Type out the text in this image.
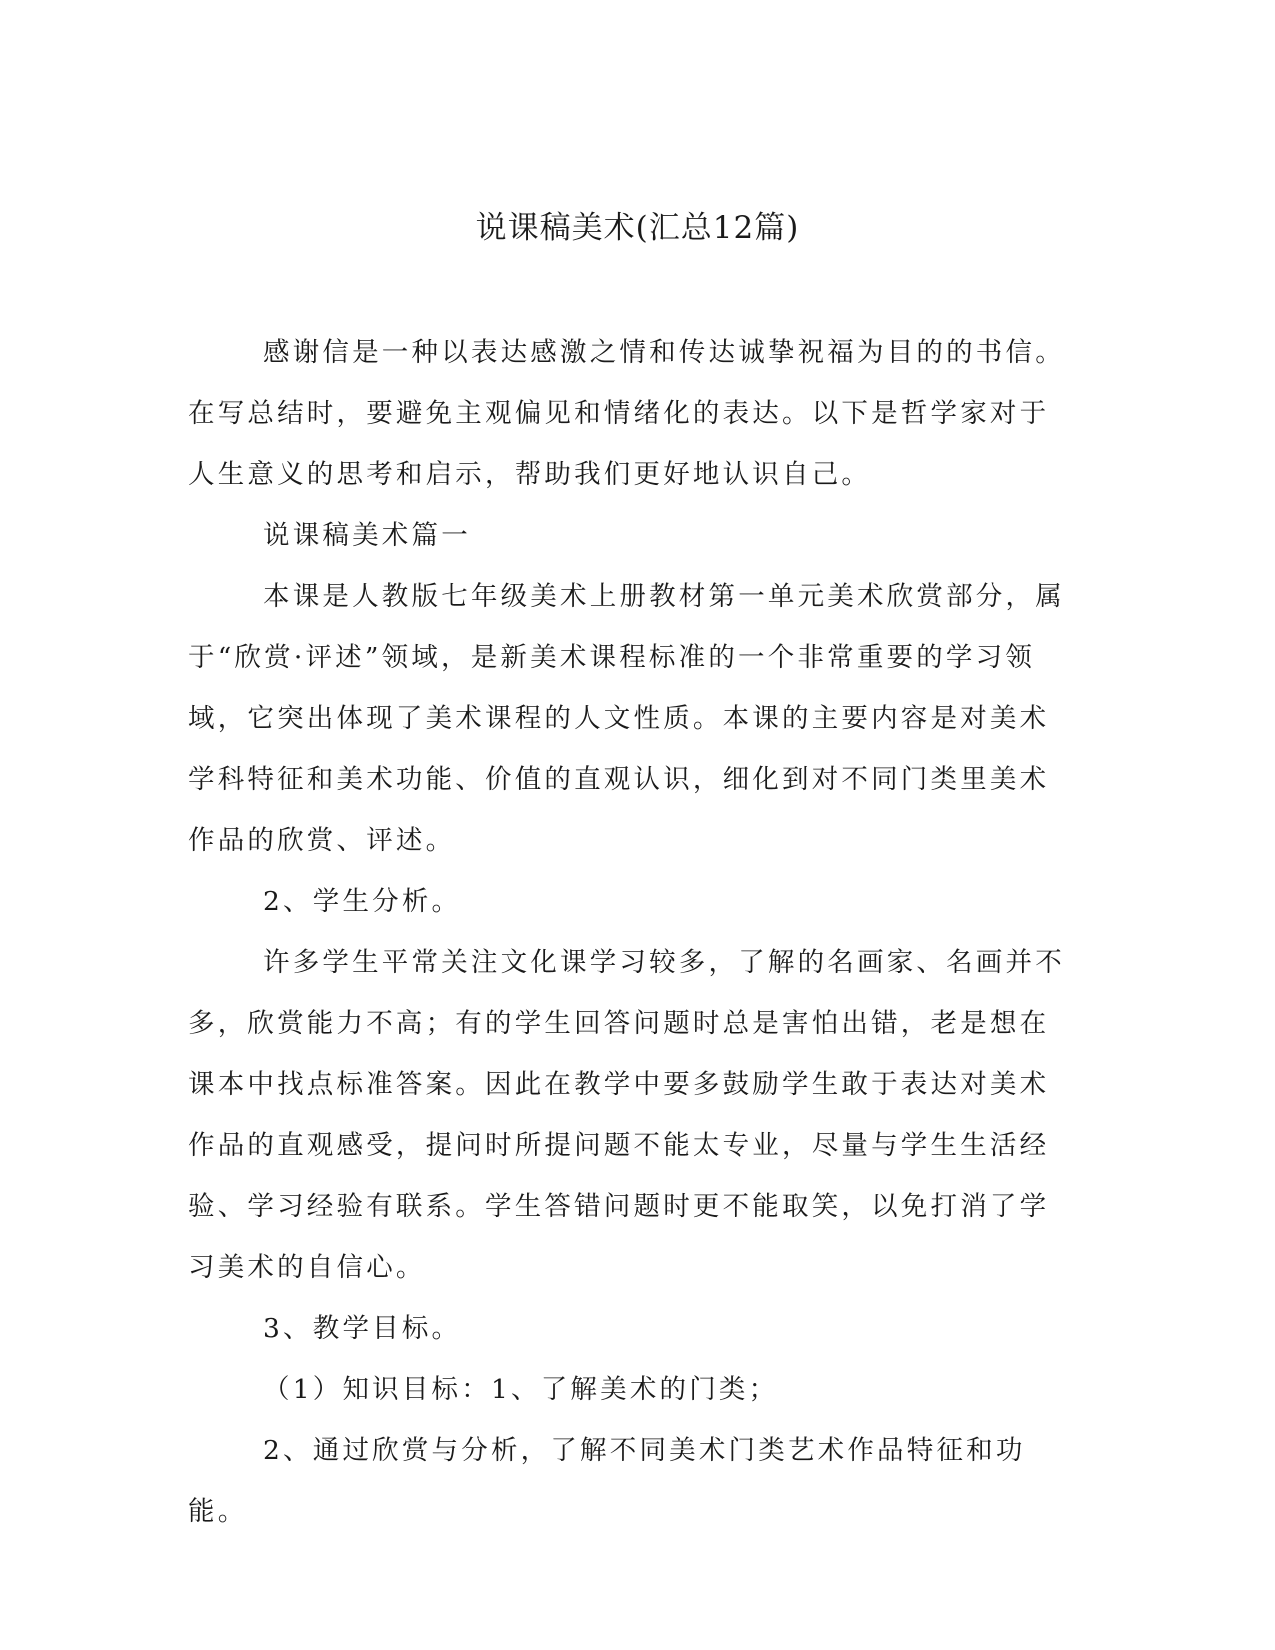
说课稿美术(汇总12篇)

感谢信是一种以表达感激之情和传达诚挚祝福为目的的书信。在写总结时，要避免主观偏见和情绪化的表达。以下是哲学家对于人生意义的思考和启示，帮助我们更好地认识自己。

说课稿美术篇一

本课是人教版七年级美术上册教材第一单元美术欣赏部分，属于“欣赏·评述”领域，是新美术课程标准的一个非常重要的学习领域，它突出体现了美术课程的人文性质。本课的主要内容是对美术学科特征和美术功能、价值的直观认识，细化到对不同门类里美术作品的欣赏、评述。

2、学生分析。

许多学生平常关注文化课学习较多，了解的名画家、名画并不多，欣赏能力不高；有的学生回答问题时总是害怕出错，老是想在课本中找点标准答案。因此在教学中要多鼓励学生敢于表达对美术作品的直观感受，提问时所提问题不能太专业，尽量与学生生活经验、学习经验有联系。学生答错问题时更不能取笑，以免打消了学习美术的自信心。

3、教学目标。

（1）知识目标：1、了解美术的门类；

2、通过欣赏与分析，了解不同美术门类艺术作品特征和功能。
